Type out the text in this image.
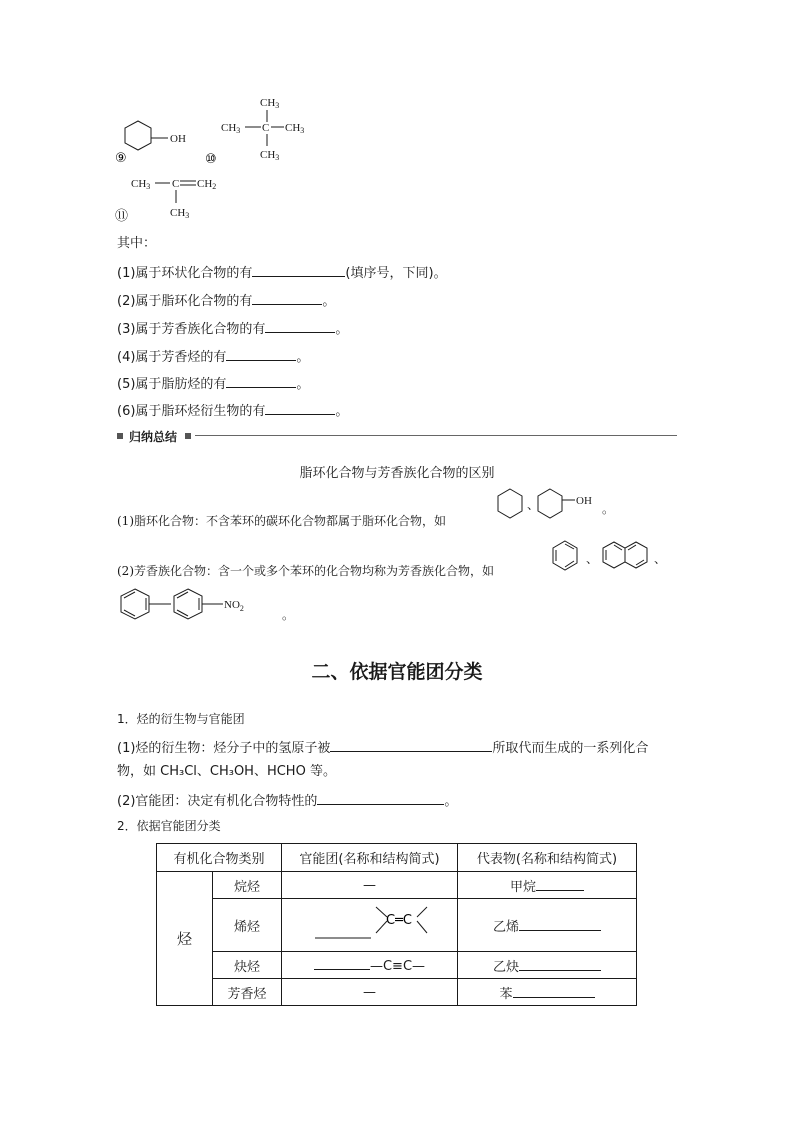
OH
⑨
CH3
CH3 C CH3
CH3
⑩
CH3 C CH2
CH3
⑪
其中：
(1)属于环状化合物的有	(填序号，下同)。
(2)属于脂环化合物的有	。
(3)属于芳香族化合物的有	。
(4)属于芳香烃的有	。
(5)属于脂肪烃的有	。
(6)属于脂环烃衍生物的有	。
归纳总结
脂环化合物与芳香族化合物的区别
(1)脂环化合物：不含苯环的碳环化合物都属于脂环化合物，如
、	OH
。
(2)芳香族化合物：含一个或多个苯环的化合物均称为芳香族化合物，如
、	、
$NO_2$	。
二、依据官能团分类
1．烃的衍生物与官能团
(1)烃的衍生物：烃分子中的氢原子被	所取代而生成的一系列化合
物，如 CH₃Cl、CH₃OH、HCHO 等。
(2)官能团：决定有机化合物特性的	。
2．依据官能团分类
有机化合物类别		官能团(名称和结构简式)	代表物(名称和结构简式)
烃	烷烃	—	甲烷
	烯烃	C═C	乙烯
	炔烃	—C≡C—	乙炔
	芳香烃	—	苯
